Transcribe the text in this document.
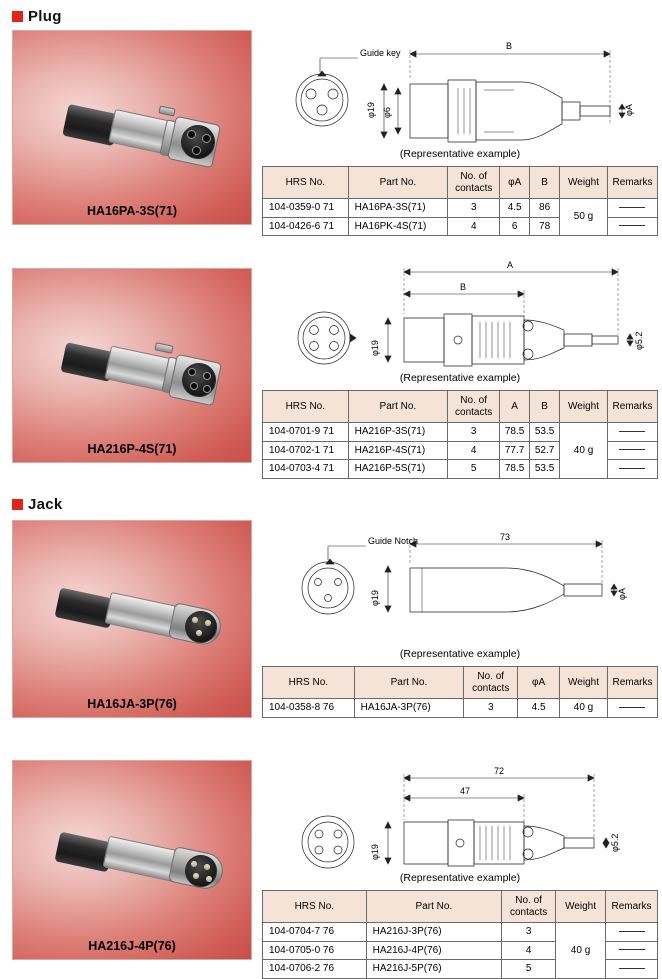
Plug
HA16PA-3S(71)
Guide key
B
φ19 φ6	φA
(Representative example)
HRS No.	Part No.	No. of contacts	φA	B	Weight	Remarks
104-0359-0 71	HA16PA-3S(71)	3	4.5	86	50 g	
104-0426-6 71	HA16PK-4S(71)	4	6	78		
HA216P-4S(71)
A
B
φ19	φ5.2
(Representative example)
HRS No.	Part No.	No. of contacts	A	B	Weight	Remarks
104-0701-9 71	HA216P-3S(71)	3	78.5	53.5	40 g	
104-0702-1 71	HA216P-4S(71)	4	77.7	52.7		
104-0703-4 71	HA216P-5S(71)	5	78.5	53.5		
Jack
HA16JA-3P(76)
Guide Notch	73
φ19	φA
(Representative example)
HRS No.	Part No.	No. of contacts	φA	Weight	Remarks
104-0358-8 76	HA16JA-3P(76)	3	4.5	40 g	
HA216J-4P(76)
72
47
φ19
φ5.2
(Representative example)
HRS No.	Part No.	No. of contacts	Weight	Remarks
104-0704-7 76	HA216J-3P(76)	3	40 g	
104-0705-0 76	HA216J-4P(76)	4		
104-0706-2 76	HA216J-5P(76)	5		
